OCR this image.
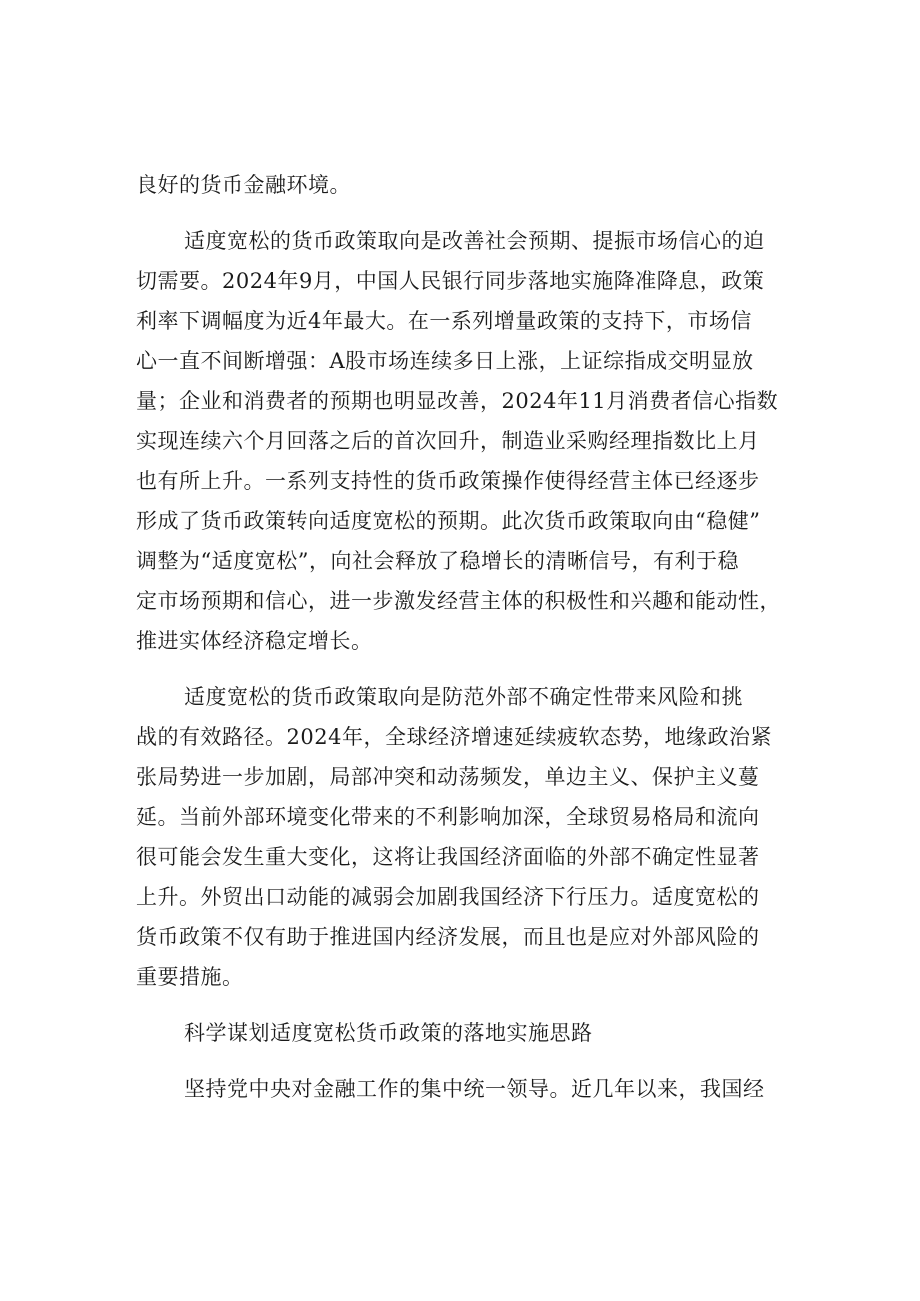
良好的货币金融环境。
适度宽松的货币政策取向是改善社会预期、提振市场信心的迫
切需要。2024年9月，中国人民银行同步落地实施降准降息，政策
利率下调幅度为近4年最大。在一系列增量政策的支持下，市场信
心一直不间断增强：A股市场连续多日上涨，上证综指成交明显放
量；企业和消费者的预期也明显改善，2024年11月消费者信心指数
实现连续六个月回落之后的首次回升，制造业采购经理指数比上月
也有所上升。一系列支持性的货币政策操作使得经营主体已经逐步
形成了货币政策转向适度宽松的预期。此次货币政策取向由“稳健”
调整为“适度宽松”，向社会释放了稳增长的清晰信号，有利于稳
定市场预期和信心，进一步激发经营主体的积极性和兴趣和能动性，
推进实体经济稳定增长。
适度宽松的货币政策取向是防范外部不确定性带来风险和挑
战的有效路径。2024年，全球经济增速延续疲软态势，地缘政治紧
张局势进一步加剧，局部冲突和动荡频发，单边主义、保护主义蔓
延。当前外部环境变化带来的不利影响加深，全球贸易格局和流向
很可能会发生重大变化，这将让我国经济面临的外部不确定性显著
上升。外贸出口动能的减弱会加剧我国经济下行压力。适度宽松的
货币政策不仅有助于推进国内经济发展，而且也是应对外部风险的
重要措施。
科学谋划适度宽松货币政策的落地实施思路
坚持党中央对金融工作的集中统一领导。近几年以来，我国经
